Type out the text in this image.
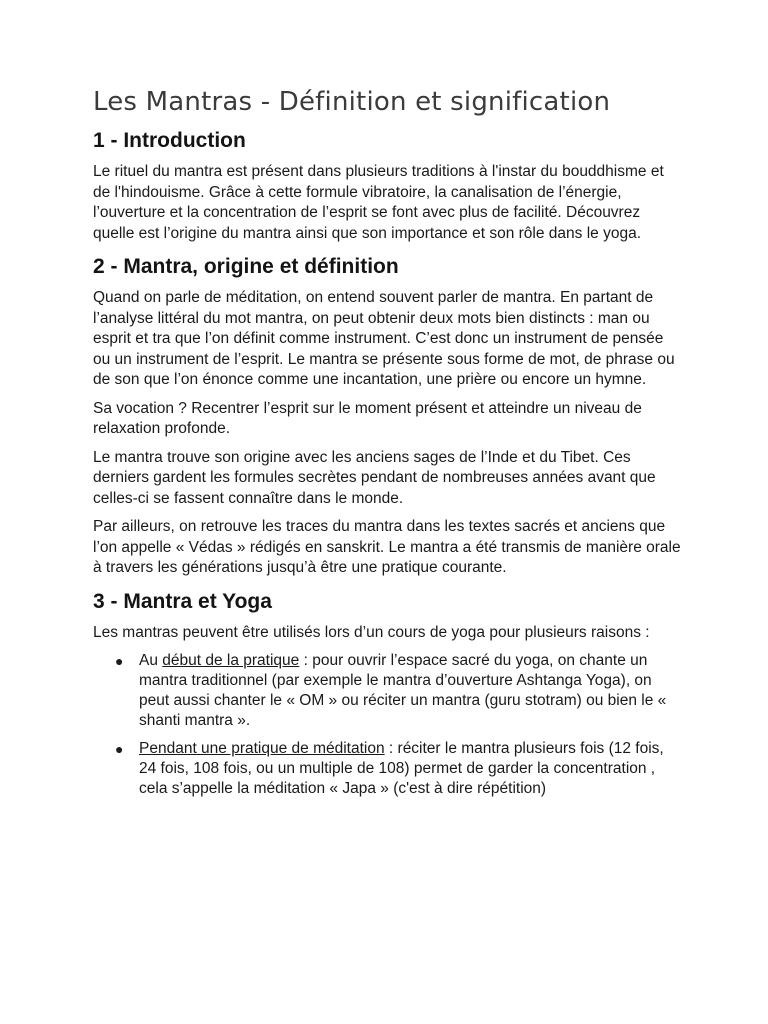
Les Mantras - Définition et signification
1 - Introduction

Le rituel du mantra est présent dans plusieurs traditions à l'instar du bouddhisme et de l'hindouisme. Grâce à cette formule vibratoire, la canalisation de l’énergie, l’ouverture et la concentration de l’esprit se font avec plus de facilité. Découvrez quelle est l’origine du mantra ainsi que son importance et son rôle dans le yoga.

2 - Mantra, origine et définition

Quand on parle de méditation, on entend souvent parler de mantra. En partant de l’analyse littéral du mot mantra, on peut obtenir deux mots bien distincts : man ou esprit et tra que l’on définit comme instrument. C’est donc un instrument de pensée ou un instrument de l’esprit. Le mantra se présente sous forme de mot, de phrase ou de son que l’on énonce comme une incantation, une prière ou encore un hymne.

Sa vocation ? Recentrer l’esprit sur le moment présent et atteindre un niveau de relaxation profonde.

Le mantra trouve son origine avec les anciens sages de l’Inde et du Tibet. Ces derniers gardent les formules secrètes pendant de nombreuses années avant que celles-ci se fassent connaître dans le monde.

Par ailleurs, on retrouve les traces du mantra dans les textes sacrés et anciens que l’on appelle « Védas » rédigés en sanskrit. Le mantra a été transmis de manière orale à travers les générations jusqu’à être une pratique courante.

3 - Mantra et Yoga

Les mantras peuvent être utilisés lors d’un cours de yoga pour plusieurs raisons :

● Au début de la pratique : pour ouvrir l’espace sacré du yoga, on chante un mantra traditionnel (par exemple le mantra d’ouverture Ashtanga Yoga), on peut aussi chanter le « OM » ou réciter un mantra (guru stotram) ou bien le « shanti mantra ».
● Pendant une pratique de méditation : réciter le mantra plusieurs fois (12 fois, 24 fois, 108 fois, ou un multiple de 108) permet de garder la concentration , cela s’appelle la méditation « Japa » (c'est à dire répétition)
